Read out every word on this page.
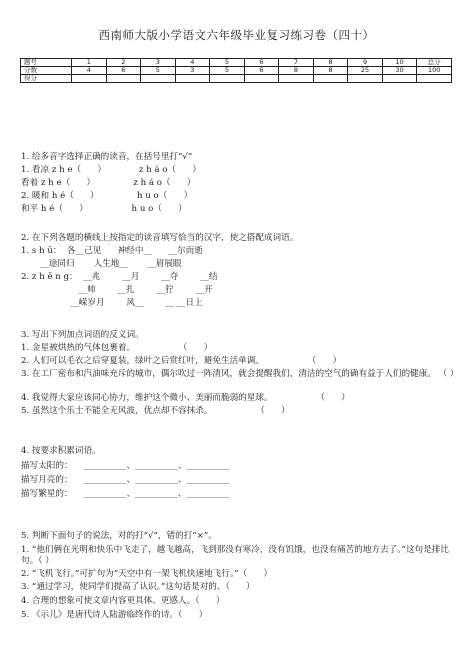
西南师大版小学语文六年级毕业复习练习卷（四十）
题号	1	2	3	4	5	6	7	8	9	10	总分
分数	4	6	5	3	5	6	8	8	25	30	100
得分											
1. 给多音字选择正确的读音，在括号里打“√”
1. 看凉 z h e（      ）            z h á o（      ）
看着 z h e（      ）              z h á o（      ）
2. 暖和 h é（      ）              h u o（      ）
和平 h é（      ）                h u o（      ）
2. 在下列各题的横线上按指定的读音填写恰当的汉字，使之搭配成词语。
1. s h ū：  各__己见      神经中__      __尔而逝
__途同归       人生地__       __眉展眼
2. z h ē n g：  __兆        __月        __夺        __结
__帅        __扎        __狞        __开
__嵘岁月        风__        __ __日上
3. 写出下列加点词语的反义词。
1. 金星被烘热的气体包裹着。                （      ）
2. 人们可以毛衣之后穿夏装，绿叶之后赏红叶，避免生活单调。                （      ）
3. 在工厂密布和汽油味充斥的城市，偶尔吹过一阵清风，就会提醒我们，清洁的空气的确有益于人们的健康。 （ ）
4. 我觉得大家应该同心协力，维护这个微小、美丽而脆弱的星球。                （      ）
5. 虽然这个乐士不能全无风波，优点却不容抹杀。                （      ）
4. 按要求积累词语。
描写太阳的：    __________、__________、__________
描写月亮的：    __________、__________、__________
描写繁星的：    __________、__________、__________
5. 判断下面句子的说法，对的打“√”，错的打“×”。
1. “他们俩在光明和快乐中飞走了，越飞越高，飞到那没有寒冷，没有饥饿，也没有痛苦的地方去了。”这句是排比句。（ ）
2. “飞机飞行。”可扩句为“天空中有一架飞机快速地飞行。”（      ）
3. “通过学习，使同学们提高了认识。”这句话是对的。（      ）
4. 合理的想象可使文章内容更具体、更感人。（      ）
5. 《示儿》是唐代诗人陆游临终作的诗。（      ）
